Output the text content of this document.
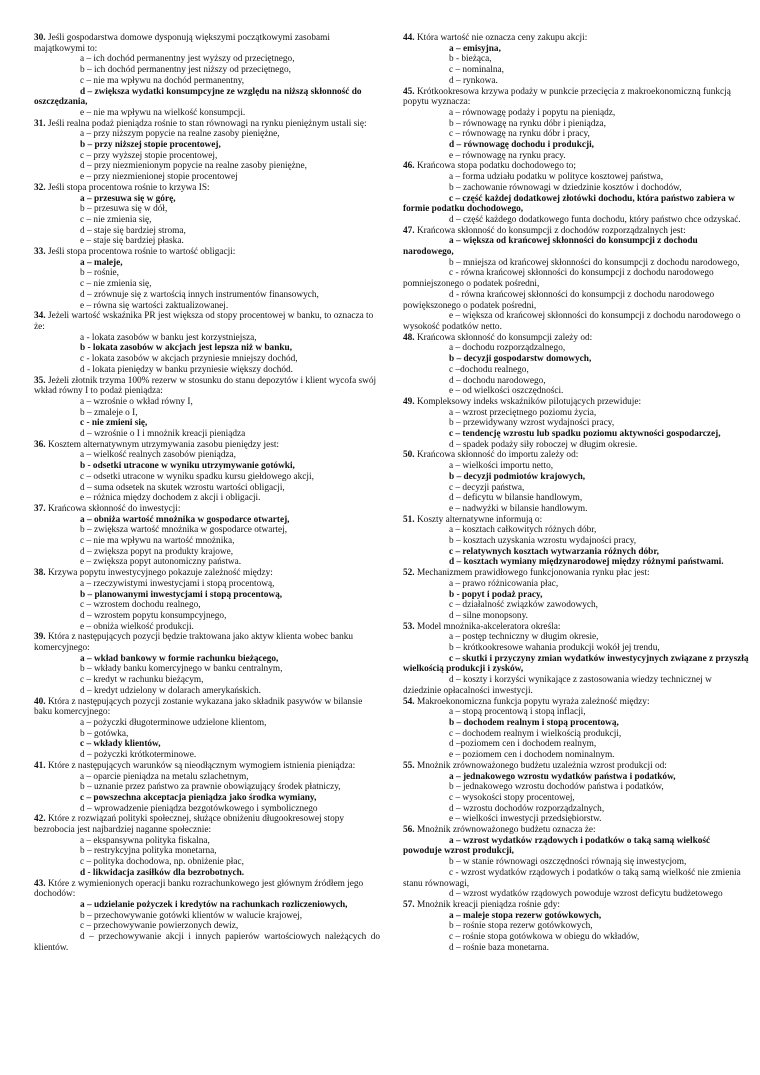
30. Jeśli gospodarstwa domowe dysponują większymi początkowymi zasobami majątkowymi to:

a – ich dochód permanentny jest wyższy od przeciętnego,
b – ich dochód permanentny jest niższy od przeciętnego,
c – nie ma wpływu na dochód permanentny,
d – zwiększa wydatki konsumpcyjne ze względu na niższą skłonność do oszczędzania,
e – nie ma wpływu na wielkość konsumpcji.

31. Jeśli realna podaż pieniądza rośnie to stan równowagi na rynku pieniężnym ustali się:

a – przy niższym popycie na realne zasoby pieniężne,
b – przy niższej stopie procentowej,
c – przy wyższej stopie procentowej,
d – przy niezmienionym popycie na realne zasoby pieniężne,
e – przy niezmienionej stopie procentowej

32. Jeśli stopa procentowa rośnie to krzywa IS:

a – przesuwa się w górę,
b – przesuwa się w dół,
c – nie zmienia się,
d – staje się bardziej stroma,
e – staje się bardziej płaska.

33. Jeśli stopa procentowa rośnie to wartość obligacji:

a – maleje,
b – rośnie,
c – nie zmienia się,
d – zrównuje się z wartością innych instrumentów finansowych,
e – równa się wartości zaktualizowanej.

34. Jeżeli wartość wskaźnika PR jest większa od stopy procentowej w banku, to oznacza to że:

a - lokata zasobów w banku jest korzystniejsza,
b - lokata zasobów w akcjach jest lepsza niż w banku,
c - lokata zasobów w akcjach przyniesie mniejszy dochód,
d - lokata pieniędzy w banku przyniesie większy dochód.

35. Jeżeli złotnik trzyma 100% rezerw w stosunku do stanu depozytów i klient wycofa swój wkład równy I to podaż pieniądza:

a – wzrośnie o wkład równy I,
b – zmaleje o I,
c - nie zmieni się,
d – wzrośnie o I i mnożnik kreacji pieniądza

36. Kosztem alternatywnym utrzymywania zasobu pieniędzy jest:

a – wielkość realnych zasobów pieniądza,
b - odsetki utracone w wyniku utrzymywanie gotówki,
c – odsetki utracone w wyniku spadku kursu giełdowego akcji,
d – suma odsetek na skutek wzrostu wartości obligacji,
e – różnica między dochodem z akcji i obligacji.

37. Krańcowa skłonność do inwestycji:

a – obniża wartość mnożnika w gospodarce otwartej,
b – zwiększa wartość mnożnika w gospodarce otwartej,
c – nie ma wpływu na wartość mnożnika,
d – zwiększa popyt na produkty krajowe,
e – zwiększa popyt autonomiczny państwa.

38. Krzywa popytu inwestycyjnego pokazuje zależność między:

a – rzeczywistymi inwestycjami i stopą procentową,
b – planowanymi inwestycjami i stopą procentową,
c – wzrostem dochodu realnego,
d – wzrostem popytu konsumpcyjnego,
e – obniża wielkość produkcji.

39. Która z następujących pozycji będzie traktowana jako aktyw klienta wobec banku komercyjnego:

a – wkład bankowy w formie rachunku bieżącego,
b – wkłady banku komercyjnego w banku centralnym,
c – kredyt w rachunku bieżącym,
d – kredyt udzielony w dolarach amerykańskich.

40. Która z następujących pozycji zostanie wykazana jako składnik pasywów w bilansie baku komercyjnego:

a – pożyczki długoterminowe udzielone klientom,
b – gotówka,
c – wkłady klientów,
d – pożyczki krótkoterminowe.

41. Które z następujących warunków są nieodłącznym wymogiem istnienia pieniądza:

a – oparcie pieniądza na metalu szlachetnym,
b – uznanie przez państwo za prawnie obowiązujący środek płatniczy,
c – powszechna akceptacja pieniądza jako środka wymiany,
d – wprowadzenie pieniądza bezgotówkowego i symbolicznego

42. Które z rozwiązań polityki społecznej, służące obniżeniu długookresowej stopy bezrobocia jest najbardziej naganne społecznie:

a – ekspansywna polityka fiskalna,
b – restrykcyjna polityka monetarna,
c – polityka dochodowa, np. obniżenie płac,
d - likwidacja zasiłków dla bezrobotnych.

43. Które z wymienionych operacji banku rozrachunkowego jest głównym źródłem jego dochodów:

a – udzielanie pożyczek i kredytów na rachunkach rozliczeniowych,
b – przechowywanie gotówki klientów w walucie krajowej,
c – przechowywanie powierzonych dewiz,
d – przechowywanie akcji i innych papierów wartościowych należących do klientów.

44. Która wartość nie oznacza ceny zakupu akcji:

a – emisyjna,
b - bieżąca,
c – nominalna,
d – rynkowa.

45. Krótkookresowa krzywa podaży w punkcie przecięcia z makroekonomiczną funkcją popytu wyznacza:

a – równowagę podaży i popytu na pieniądz,
b – równowagę na rynku dóbr i pieniądza,
c – równowagę na rynku dóbr i pracy,
d – równowagę dochodu i produkcji,
e – równowagę na rynku pracy.

46. Krańcowa stopa podatku dochodowego to;

a – forma udziału podatku w polityce kosztowej państwa,
b – zachowanie równowagi w dziedzinie kosztów i dochodów,
c – część każdej dodatkowej złotówki dochodu, która państwo zabiera w formie podatku dochodowego,
d – część każdego dodatkowego funta dochodu, który państwo chce odzyskać.

47. Krańcowa skłonność do konsumpcji z dochodów rozporządzalnych jest:

a – większa od krańcowej skłonności do konsumpcji z dochodu narodowego,
b – mniejsza od krańcowej skłonności do konsumpcji z dochodu narodowego,
c - równa krańcowej skłonności do konsumpcji z dochodu narodowego pomniejszonego o podatek pośredni,
d - równa krańcowej skłonności do konsumpcji z dochodu narodowego powiększonego o podatek pośredni,
e – większa od krańcowej skłonności do konsumpcji z dochodu narodowego o wysokość podatków netto.

48. Krańcowa skłonność do konsumpcji zależy od:

a – dochodu rozporządzalnego,
b – decyzji gospodarstw domowych,
c –dochodu realnego,
d – dochodu narodowego,
e – od wielkości oszczędności.

49. Kompleksowy indeks wskaźników pilotujących przewiduje:

a – wzrost przeciętnego poziomu życia,
b – przewidywany wzrost wydajności pracy,
c – tendencję wzrostu lub spadku poziomu aktywności gospodarczej,
d – spadek podaży siły roboczej w długim okresie.

50. Krańcowa skłonność do importu zależy od:

a – wielkości importu netto,
b – decyzji podmiotów krajowych,
c – decyzji państwa,
d – deficytu w bilansie handlowym,
e – nadwyżki w bilansie handlowym.

51. Koszty alternatywne informują o:

a – kosztach całkowitych różnych dóbr,
b – kosztach uzyskania wzrostu wydajności pracy,
c – relatywnych kosztach wytwarzania różnych dóbr,
d – kosztach wymiany międzynarodowej między różnymi państwami.

52. Mechanizmem prawidłowego funkcjonowania rynku płac jest:

a – prawo różnicowania płac,
b - popyt i podaż pracy,
c – działalność związków zawodowych,
d – silne monopsony.

53. Model mnożnika-akceleratora określa:

a – postęp techniczny w długim okresie,
b – krótkookresowe wahania produkcji wokół jej trendu,
c – skutki i przyczyny zmian wydatków inwestycyjnych związane z przyszłą wielkością produkcji i zysków,
d – koszty i korzyści wynikające z zastosowania wiedzy technicznej w dziedzinie opłacalności inwestycji.

54. Makroekonomiczna funkcja popytu wyraża zależność między:

a – stopą procentową i stopą inflacji,
b – dochodem realnym i stopą procentową,
c – dochodem realnym i wielkością produkcji,
d –poziomem cen i dochodem realnym,
e – poziomem cen i dochodem nominalnym.

55. Mnożnik zrównoważonego budżetu uzależnia wzrost produkcji od:

a – jednakowego wzrostu wydatków państwa i podatków,
b – jednakowego wzrostu dochodów państwa i podatków,
c – wysokości stopy procentowej,
d – wzrostu dochodów rozporządzalnych,
e – wielkości inwestycji przedsiębiorstw.

56. Mnożnik zrównoważonego budżetu oznacza że:

a – wzrost wydatków rządowych i podatków o taką samą wielkość powoduje wzrost produkcji,
b – w stanie równowagi oszczędności równają się inwestycjom,
c - wzrost wydatków rządowych i podatków o taką samą wielkość nie zmienia stanu równowagi,
d – wzrost wydatków rządowych powoduje wzrost deficytu budżetowego

57. Mnożnik kreacji pieniądza rośnie gdy:

a – maleje stopa rezerw gotówkowych,
b – rośnie stopa rezerw gotówkowych,
c – rośnie stopa gotówkowa w obiegu do wkładów,
d – rośnie baza monetarna.
